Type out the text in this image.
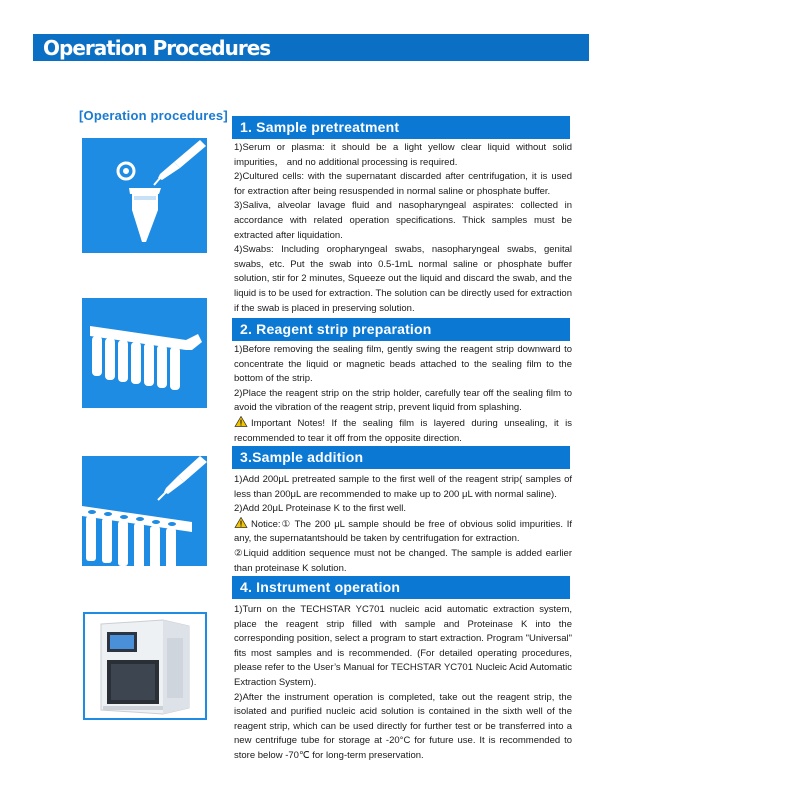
Operation Procedures
[Operation procedures]
1. Sample pretreatment

1)Serum or plasma: it should be a light yellow clear liquid without solid impurities， and no additional processing is required.

2)Cultured cells: with the supernatant discarded after centrifugation, it is used for extraction after being resuspended in normal saline or phosphate buffer.

3)Saliva, alveolar lavage fluid and nasopharyngeal aspirates: collected in accordance with related operation specifications. Thick samples must be extracted after liquidation.

4)Swabs: Including oropharyngeal swabs, nasopharyngeal swabs, genital swabs, etc. Put the swab into 0.5-1mL normal saline or phosphate buffer solution, stir for 2 minutes, Squeeze out the liquid and discard the swab, and the liquid is to be used for extraction. The solution can be directly used for extraction if the swab is placed in preserving solution.

2. Reagent strip preparation

1)Before removing the sealing film, gently swing the reagent strip downward to concentrate the liquid or magnetic beads attached to the sealing film to the bottom of the strip.

2)Place the reagent strip on the strip holder, carefully tear off the sealing film to avoid the vibration of the reagent strip, prevent liquid from splashing.

Important Notes! If the sealing film is layered during unsealing, it is recommended to tear it off from the opposite direction.

3.Sample addition

1)Add 200μL pretreated sample to the first well of the reagent strip( samples of less than 200μL are recommended to make up to 200 μL with normal saline).

2)Add 20μL Proteinase K to the first well.

Notice:① The 200 μL sample should be free of obvious solid impurities. If any, the supernatantshould be taken by centrifugation for extraction.

②Liquid addition sequence must not be changed. The sample is added earlier than proteinase K solution.

4. Instrument operation

1)Turn on the TECHSTAR YC701 nucleic acid automatic extraction system, place the reagent strip filled with sample and Proteinase K into the corresponding position, select a program to start extraction. Program "Universal" fits most samples and is recommended. (For detailed operating procedures, please refer to the User’s Manual for TECHSTAR YC701 Nucleic Acid Automatic Extraction System).

2)After the instrument operation is completed, take out the reagent strip, the isolated and purified nucleic acid solution is contained in the sixth well of the reagent strip, which can be used directly for further test or be transferred into a new centrifuge tube for storage at -20°C for future use. It is recommended to store below -70℃ for long-term preservation.
